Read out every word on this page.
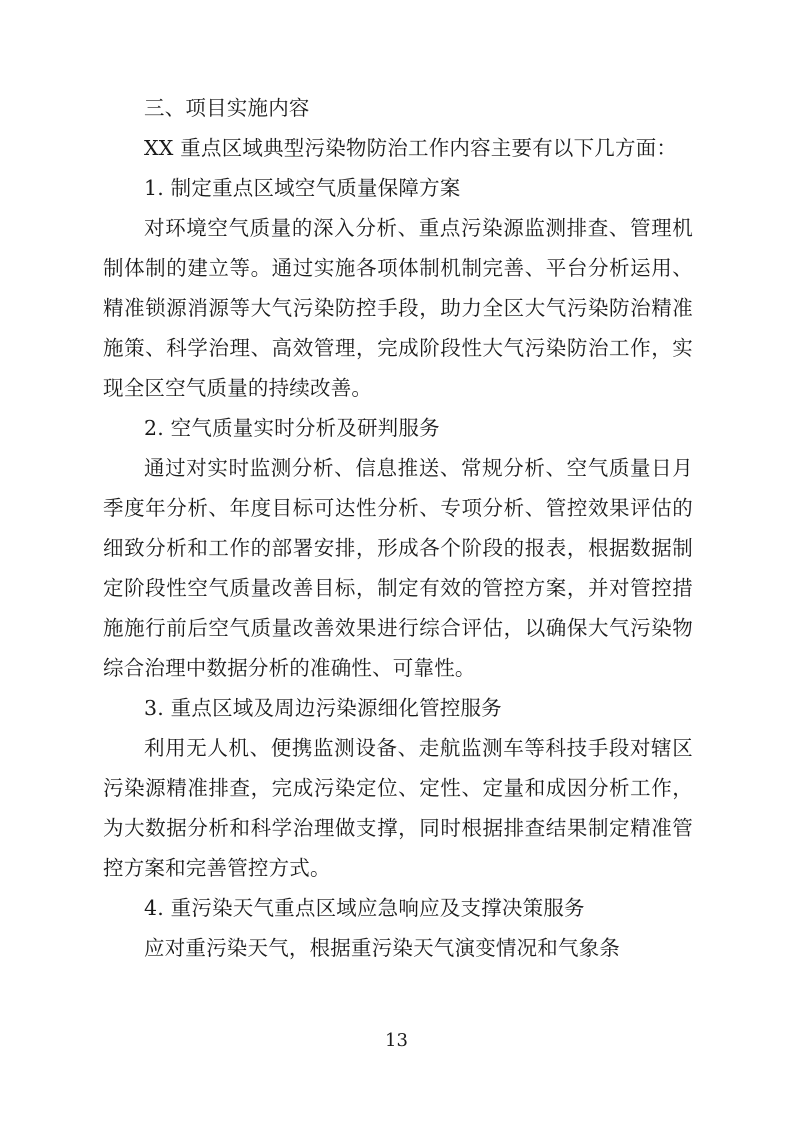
三、项目实施内容

XX 重点区域典型污染物防治工作内容主要有以下几方面：

1. 制定重点区域空气质量保障方案

对环境空气质量的深入分析、重点污染源监测排查、管理机制体制的建立等。通过实施各项体制机制完善、平台分析运用、精准锁源消源等大气污染防控手段，助力全区大气污染防治精准施策、科学治理、高效管理，完成阶段性大气污染防治工作，实现全区空气质量的持续改善。

2. 空气质量实时分析及研判服务

通过对实时监测分析、信息推送、常规分析、空气质量日月季度年分析、年度目标可达性分析、专项分析、管控效果评估的细致分析和工作的部署安排，形成各个阶段的报表，根据数据制定阶段性空气质量改善目标，制定有效的管控方案，并对管控措施施行前后空气质量改善效果进行综合评估，以确保大气污染物综合治理中数据分析的准确性、可靠性。

3. 重点区域及周边污染源细化管控服务

利用无人机、便携监测设备、走航监测车等科技手段对辖区污染源精准排查，完成污染定位、定性、定量和成因分析工作，为大数据分析和科学治理做支撑，同时根据排查结果制定精准管控方案和完善管控方式。

4. 重污染天气重点区域应急响应及支撑决策服务

应对重污染天气，根据重污染天气演变情况和气象条

13
